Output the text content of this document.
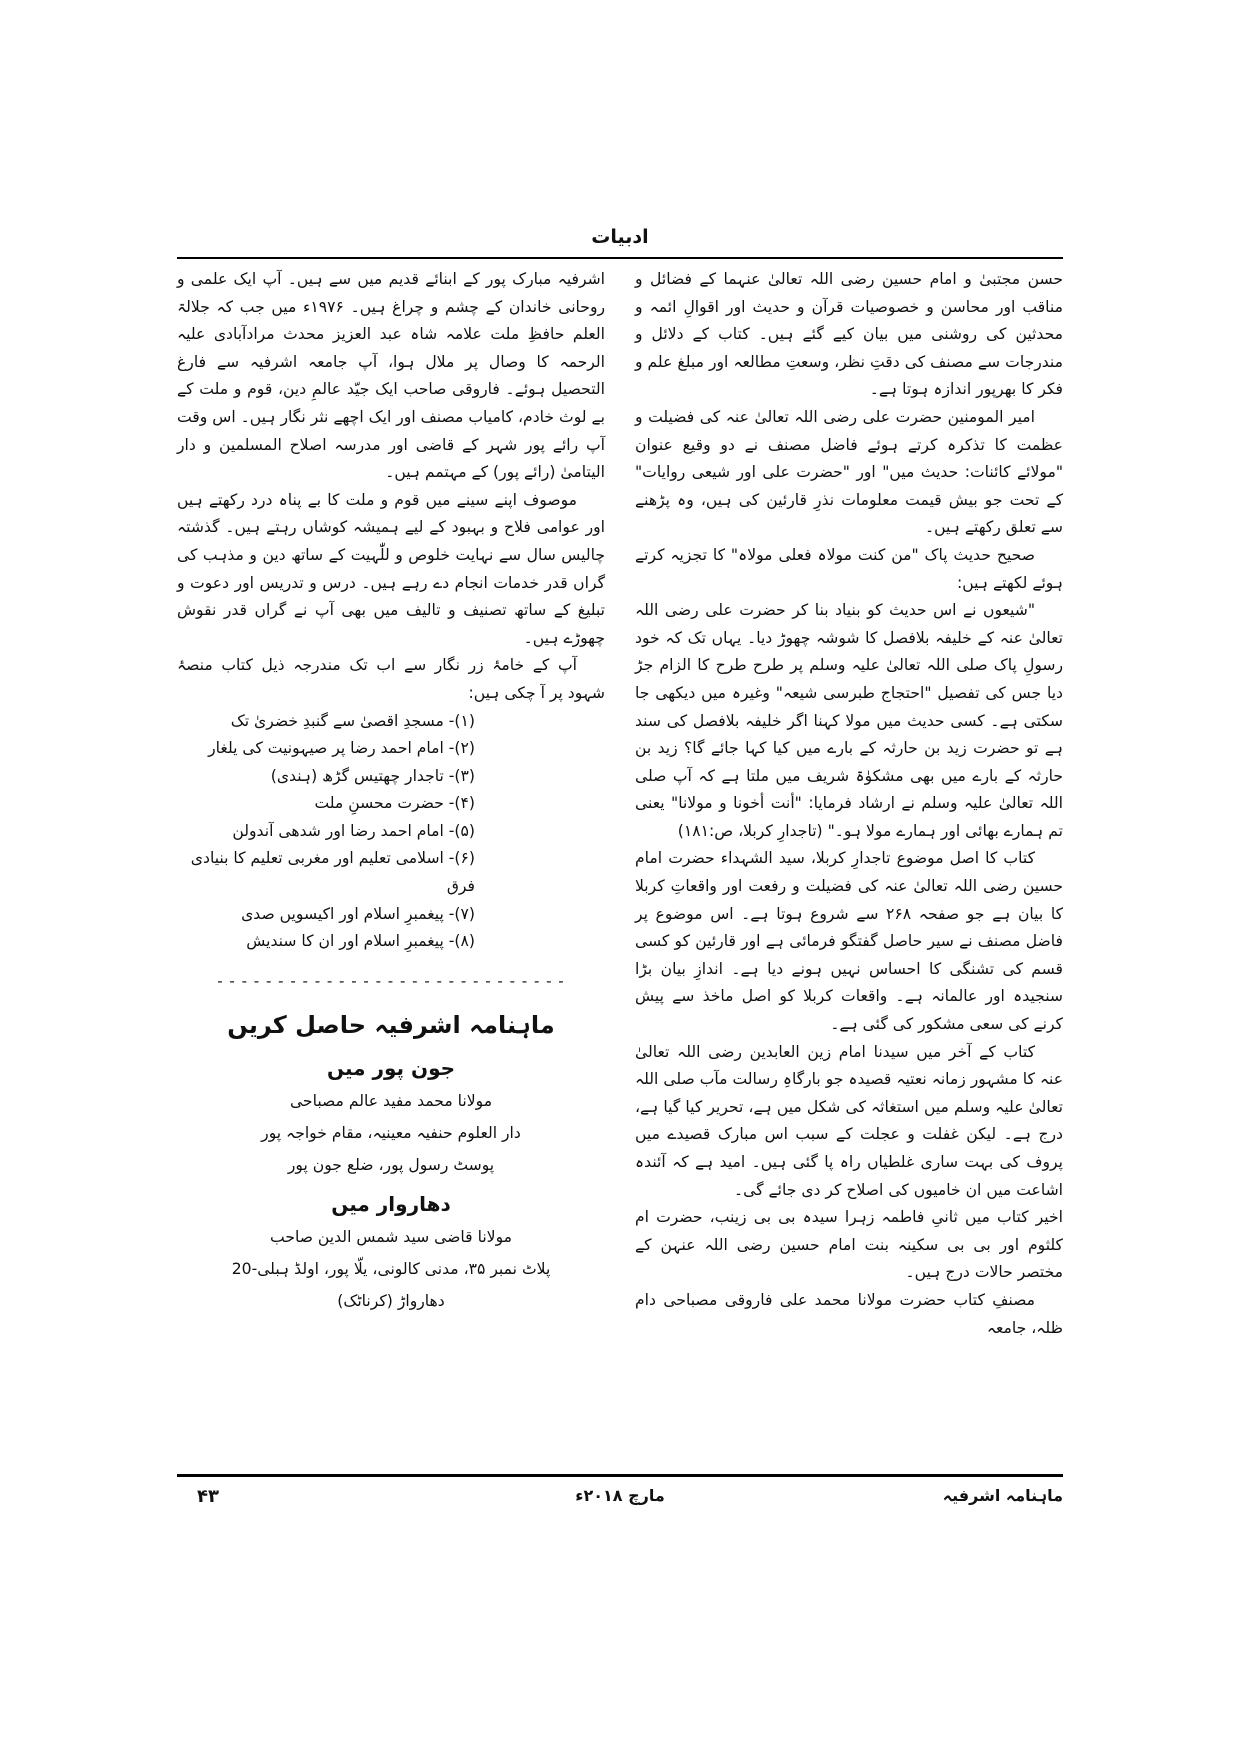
ادبیات

حسن مجتبیٰ و امام حسین رضی اللہ تعالیٰ عنہما کے فضائل و مناقب اور محاسن و خصوصیات قرآن و حدیث اور اقوالِ ائمہ و محدثین کی روشنی میں بیان کیے گئے ہیں۔ کتاب کے دلائل و مندرجات سے مصنف کی دقتِ نظر، وسعتِ مطالعہ اور مبلغ علم و فکر کا بھرپور اندازہ ہوتا ہے۔

امیر المومنین حضرت علی رضی اللہ تعالیٰ عنہ کی فضیلت و عظمت کا تذکرہ کرتے ہوئے فاضل مصنف نے دو وقیع عنوان "مولائے کائنات: حدیث میں" اور "حضرت علی اور شیعی روایات" کے تحت جو بیش قیمت معلومات نذرِ قارئین کی ہیں، وہ پڑھنے سے تعلق رکھتے ہیں۔

صحیح حدیث پاک "من کنت مولاہ فعلی مولاہ" کا تجزیہ کرتے ہوئے لکھتے ہیں:

"شیعوں نے اس حدیث کو بنیاد بنا کر حضرت علی رضی اللہ تعالیٰ عنہ کے خلیفہ بلافصل کا شوشہ چھوڑ دیا۔ یہاں تک کہ خود رسولِ پاک صلی اللہ تعالیٰ علیہ وسلم پر طرح طرح کا الزام جڑ دیا جس کی تفصیل "احتجاج طبرسی شیعہ" وغیرہ میں دیکھی جا سکتی ہے۔ کسی حدیث میں مولا کہنا اگر خلیفہ بلافصل کی سند ہے تو حضرت زید بن حارثہ کے بارے میں کیا کہا جائے گا؟ زید بن حارثہ کے بارے میں بھی مشکوٰۃ شریف میں ملتا ہے کہ آپ صلی اللہ تعالیٰ علیہ وسلم نے ارشاد فرمایا: "أنت أخونا و مولانا" یعنی تم ہمارے بھائی اور ہمارے مولا ہو۔" (تاجدارِ کربلا، ص:۱۸۱)

کتاب کا اصل موضوع تاجدارِ کربلا، سید الشہداء حضرت امام حسین رضی اللہ تعالیٰ عنہ کی فضیلت و رفعت اور واقعاتِ کربلا کا بیان ہے جو صفحہ ۲۶۸ سے شروع ہوتا ہے۔ اس موضوع پر فاضل مصنف نے سیر حاصل گفتگو فرمائی ہے اور قارئین کو کسی قسم کی تشنگی کا احساس نہیں ہونے دیا ہے۔ اندازِ بیان بڑا سنجیدہ اور عالمانہ ہے۔ واقعات کربلا کو اصل ماخذ سے پیش کرنے کی سعی مشکور کی گئی ہے۔

کتاب کے آخر میں سیدنا امام زین العابدین رضی اللہ تعالیٰ عنہ کا مشہور زمانہ نعتیہ قصیدہ جو بارگاہِ رسالت مآب صلی اللہ تعالیٰ علیہ وسلم میں استغاثہ کی شکل میں ہے، تحریر کیا گیا ہے، درج ہے۔ لیکن غفلت و عجلت کے سبب اس مبارک قصیدے میں پروف کی بہت ساری غلطیاں راہ پا گئی ہیں۔ امید ہے کہ آئندہ اشاعت میں ان خامیوں کی اصلاح کر دی جائے گی۔

اخیر کتاب میں ثانیِ فاطمہ زہرا سیدہ بی بی زینب، حضرت ام کلثوم اور بی بی سکینہ بنت امام حسین رضی اللہ عنہن کے مختصر حالات درج ہیں۔

مصنفِ کتاب حضرت مولانا محمد علی فاروقی مصباحی دام ظلہ، جامعہ

اشرفیہ مبارک پور کے ابنائے قدیم میں سے ہیں۔ آپ ایک علمی و روحانی خاندان کے چشم و چراغ ہیں۔ ۱۹۷۶ء میں جب کہ جلالۃ العلم حافظِ ملت علامہ شاہ عبد العزیز محدث مرادآبادی علیہ الرحمہ کا وصال پر ملال ہوا، آپ جامعہ اشرفیہ سے فارغ التحصیل ہوئے۔ فاروقی صاحب ایک جیّد عالمِ دین، قوم و ملت کے بے لوث خادم، کامیاب مصنف اور ایک اچھے نثر نگار ہیں۔ اس وقت آپ رائے پور شہر کے قاضی اور مدرسہ اصلاح المسلمین و دار الیتامیٰ (رائے پور) کے مہتمم ہیں۔

موصوف اپنے سینے میں قوم و ملت کا بے پناہ درد رکھتے ہیں اور عوامی فلاح و بہبود کے لیے ہمیشہ کوشاں رہتے ہیں۔ گذشتہ چالیس سال سے نہایت خلوص و للّٰہیت کے ساتھ دین و مذہب کی گراں قدر خدمات انجام دے رہے ہیں۔ درس و تدریس اور دعوت و تبلیغ کے ساتھ تصنیف و تالیف میں بھی آپ نے گراں قدر نقوش چھوڑے ہیں۔

آپ کے خامۂ زر نگار سے اب تک مندرجہ ذیل کتاب منصۂ شہود پر آ چکی ہیں:

(۱)- مسجدِ اقصیٰ سے گنبدِ خضریٰ تک
(۲)- امام احمد رضا پر صیہونیت کی یلغار
(۳)- تاجدار چھتیس گڑھ (ہندی)
(۴)- حضرت محسنِ ملت
(۵)- امام احمد رضا اور شدھی آندولن
(۶)- اسلامی تعلیم اور مغربی تعلیم کا بنیادی فرق
(۷)- پیغمبرِ اسلام اور اکیسویں صدی
(۸)- پیغمبرِ اسلام اور ان کا سندیش
- - - - - - - - - - - - - - - - - - - - - - - - - - - - -
ماہنامہ اشرفیہ حاصل کریں
جون پور میں
مولانا محمد مفید عالم مصباحی
دار العلوم حنفیہ معینیہ، مقام خواجہ پور
پوسٹ رسول پور، ضلع جون پور
دھاروار میں
مولانا قاضی سید شمس الدین صاحب
پلاٹ نمبر ۳۵، مدنی کالونی، یلّا پور، اولڈ ہبلی-20
دھارواڑ (کرناٹک)
ماہنامہ اشرفیہ
مارچ ۲۰۱۸ء
۴۳
